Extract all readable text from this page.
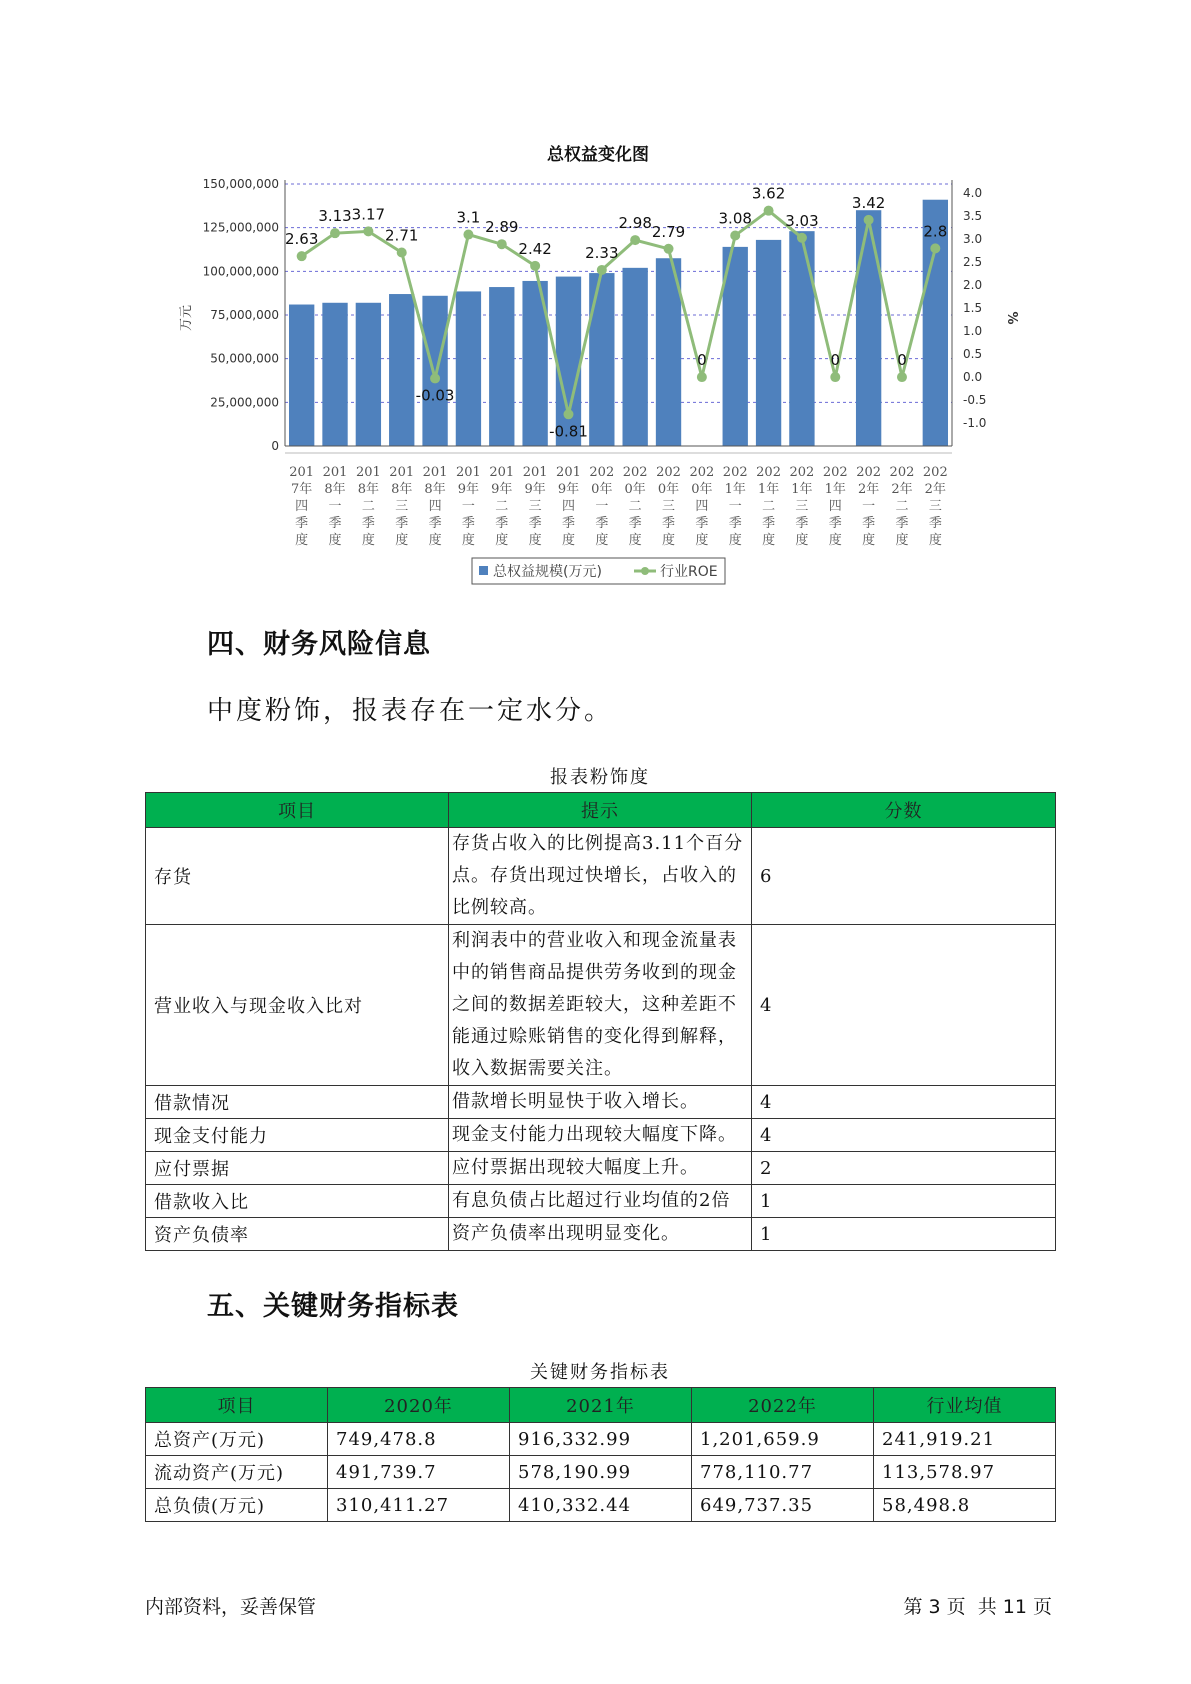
总权益变化图
150,000,000
125,000,000
100,000,000
75,000,000
50,000,000
25,000,000
0
4.0
3.5
3.0
2.5
2.0
1.5
1.0
0.5
0.0
-0.5
-1.0
万元	%
2.63
3.13 3.17
2.71
-0.03
3.1
2.89
2.42
-0.81
2.33
2.98 2.79
0
3.08
3.62
3.03
0
3.42
0
2.8
201
7年
四
季
度
201
8年
一
季
度
201
8年
二
季
度
201
8年
三
季
度
201
8年
四
季
度
201
9年
一
季
度
201
9年
二
季
度
201
9年
三
季
度
201
9年
四
季
度
202
0年
一
季
度
202
0年
二
季
度
202
0年
三
季
度
202
0年
四
季
度
202
1年
一
季
度
202
1年
二
季
度
202
1年
三
季
度
202
1年
四
季
度
202
2年
一
季
度
202
2年
二
季
度
202
2年
三
季
度
总权益规模(万元)	行业ROE
四、财务风险信息

中度粉饰，报表存在一定水分。

报表粉饰度
项目	提示	分数
存货	存货占收入的比例提高3.11个百分点。存货出现过快增长，占收入的比例较高。	6
营业收入与现金收入比对	利润表中的营业收入和现金流量表中的销售商品提供劳务收到的现金之间的数据差距较大，这种差距不能通过赊账销售的变化得到解释，收入数据需要关注。	4
借款情况	借款增长明显快于收入增长。	4
现金支付能力	现金支付能力出现较大幅度下降。	4
应付票据	应付票据出现较大幅度上升。	2
借款收入比	有息负债占比超过行业均值的2倍	1
资产负债率	资产负债率出现明显变化。	1
五、关键财务指标表
关键财务指标表
项目	2020年	2021年	2022年	行业均值
总资产(万元)	749,478.8	916,332.99	1,201,659.9	241,919.21
流动资产(万元)	491,739.7	578,190.99	778,110.77	113,578.97
总负债(万元)	310,411.27	410,332.44	649,737.35	58,498.8
内部资料，妥善保管	第 3 页  共 11 页
